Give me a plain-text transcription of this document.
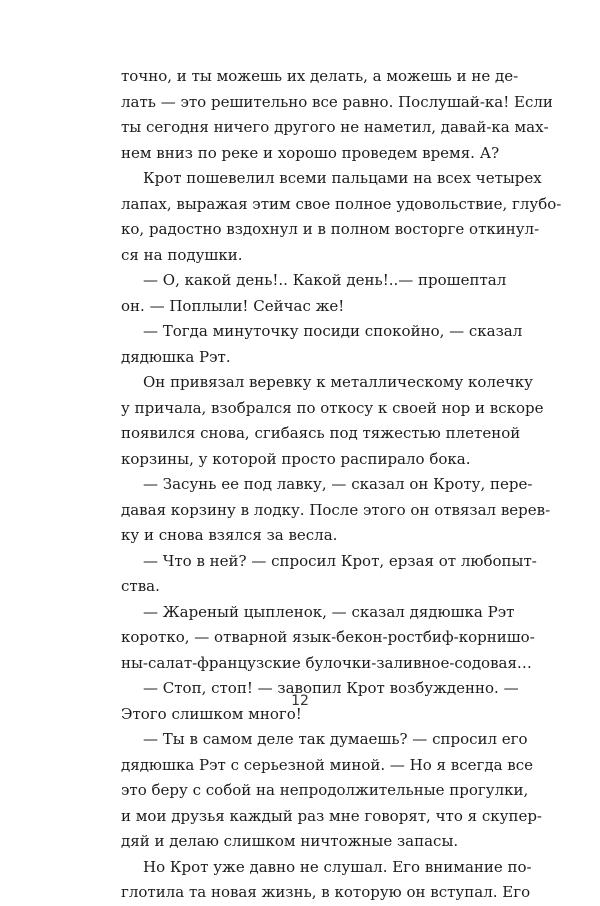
точно, и ты можешь их делать, а можешь и не де-
лать — это решительно все равно. Послушай-ка! Если
ты сегодня ничего другого не наметил, давай-ка мах-
нем вниз по реке и хорошо проведем время. А?
Крот пошевелил всеми пальцами на всех четырех
лапах, выражая этим свое полное удовольствие, глубо-
ко, радостно вздохнул и в полном восторге откинул-
ся на подушки.
— О, какой день!.. Какой день!..— прошептал
он. — Поплыли! Сейчас же!
— Тогда минуточку посиди спокойно, — сказал
дядюшка Рэт.
Он привязал веревку к металлическому колечку
у причала, взобрался по откосу к своей нор и вскоре
появился снова, сгибаясь под тяжестью плетеной
корзины, у которой просто распирало бока.
— Засунь ее под лавку, — сказал он Кроту, пере-
давая корзину в лодку. После этого он отвязал верев-
ку и снова взялся за весла.
— Что в ней? — спросил Крот, ерзая от любопыт-
ства.
— Жареный цыпленок, — сказал дядюшка Рэт
коротко, — отварной язык-бекон-ростбиф-корнишо-
ны-салат-французские булочки-заливное-содовая…
— Стоп, стоп! — завопил Крот возбужденно. —
Этого слишком много!
— Ты в самом деле так думаешь? — спросил его
дядюшка Рэт с серьезной миной. — Но я всегда все
это беру с собой на непродолжительные прогулки,
и мои друзья каждый раз мне говорят, что я скупер-
дяй и делаю слишком ничтожные запасы.
Но Крот уже давно не слушал. Его внимание по-
глотила та новая жизнь, в которую он вступал. Его
12
